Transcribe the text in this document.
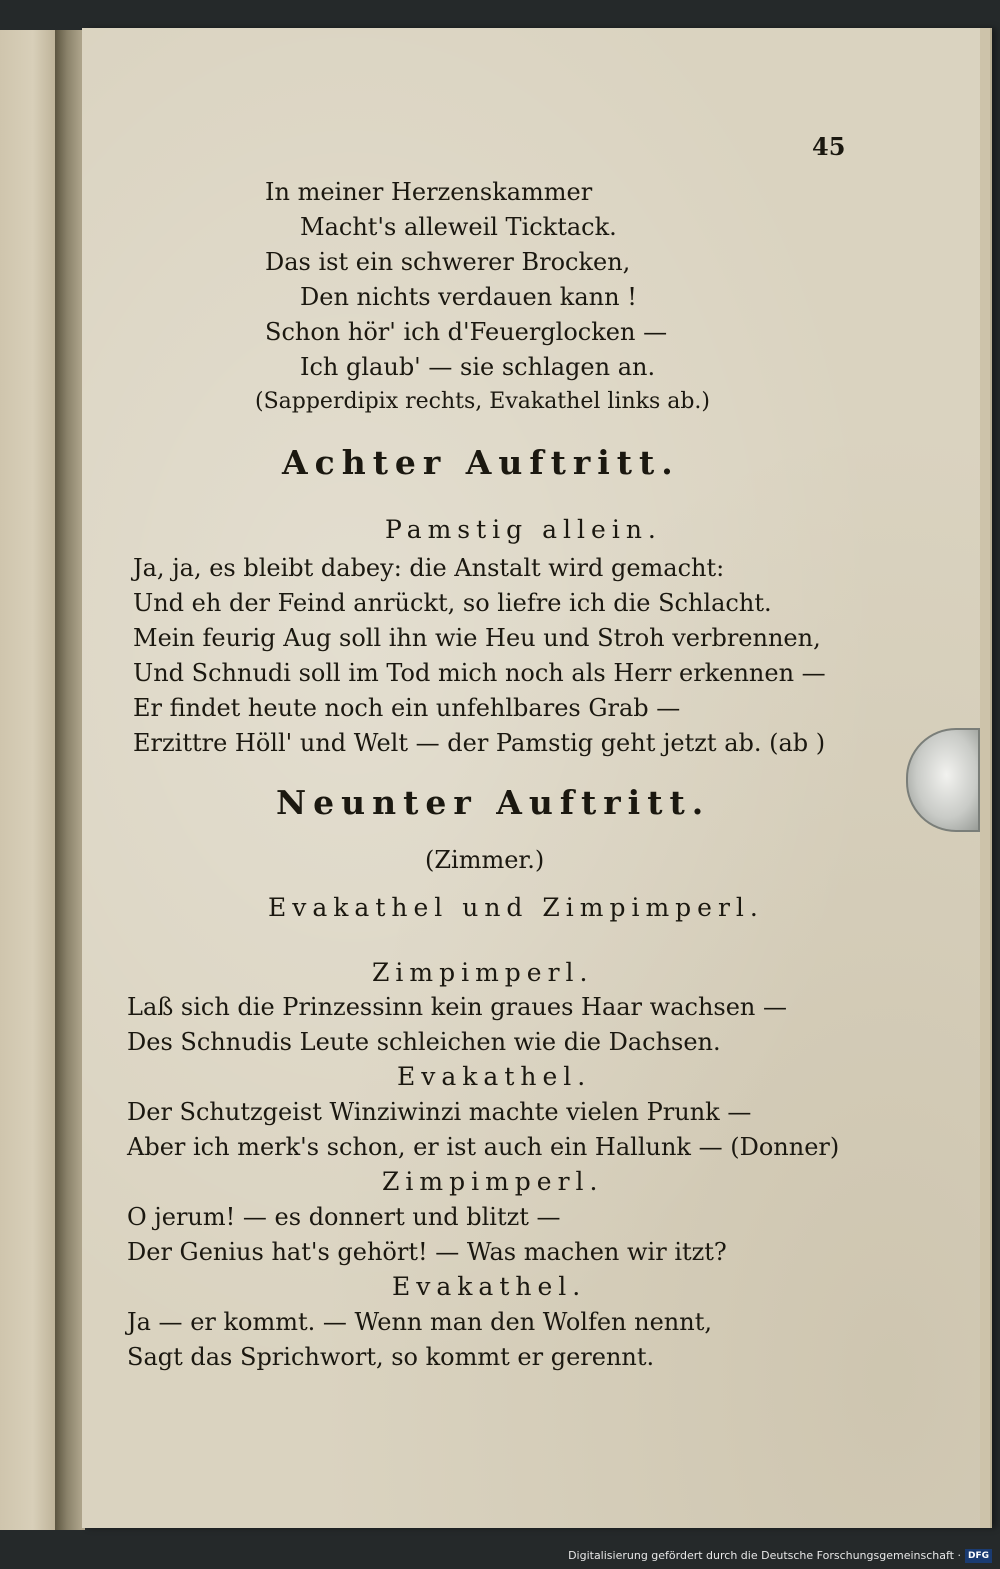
45

In meiner Herzenskammer

Macht's alleweil Ticktack.

Das ist ein schwerer Brocken,

Den nichts verdauen kann !

Schon hör' ich d'Feuerglocken —

Ich glaub' — sie schlagen an.

(Sapperdipix rechts, Evakathel links ab.)

Achter Auftritt.

Pamstig allein.

Ja, ja, es bleibt dabey: die Anstalt wird gemacht:

Und eh der Feind anrückt, so liefre ich die Schlacht.

Mein feurig Aug soll ihn wie Heu und Stroh verbrennen,

Und Schnudi soll im Tod mich noch als Herr erkennen —

Er findet heute noch ein unfehlbares Grab —

Erzittre Höll' und Welt — der Pamstig geht jetzt ab. (ab )

Neunter Auftritt.

(Zimmer.)

Evakathel und Zimpimperl.

Zimpimperl.

Laß sich die Prinzessinn kein graues Haar wachsen —

Des Schnudis Leute schleichen wie die Dachsen.

Evakathel.

Der Schutzgeist Winziwinzi machte vielen Prunk —

Aber ich merk's schon, er ist auch ein Hallunk — (Donner)

Zimpimperl.

O jerum! — es donnert und blitzt —

Der Genius hat's gehört! — Was machen wir itzt?

Evakathel.

Ja — er kommt. — Wenn man den Wolfen nennt,

Sagt das Sprichwort, so kommt er gerennt.

Digitalisierung gefördert durch die Deutsche Forschungsgemeinschaft · DFG
